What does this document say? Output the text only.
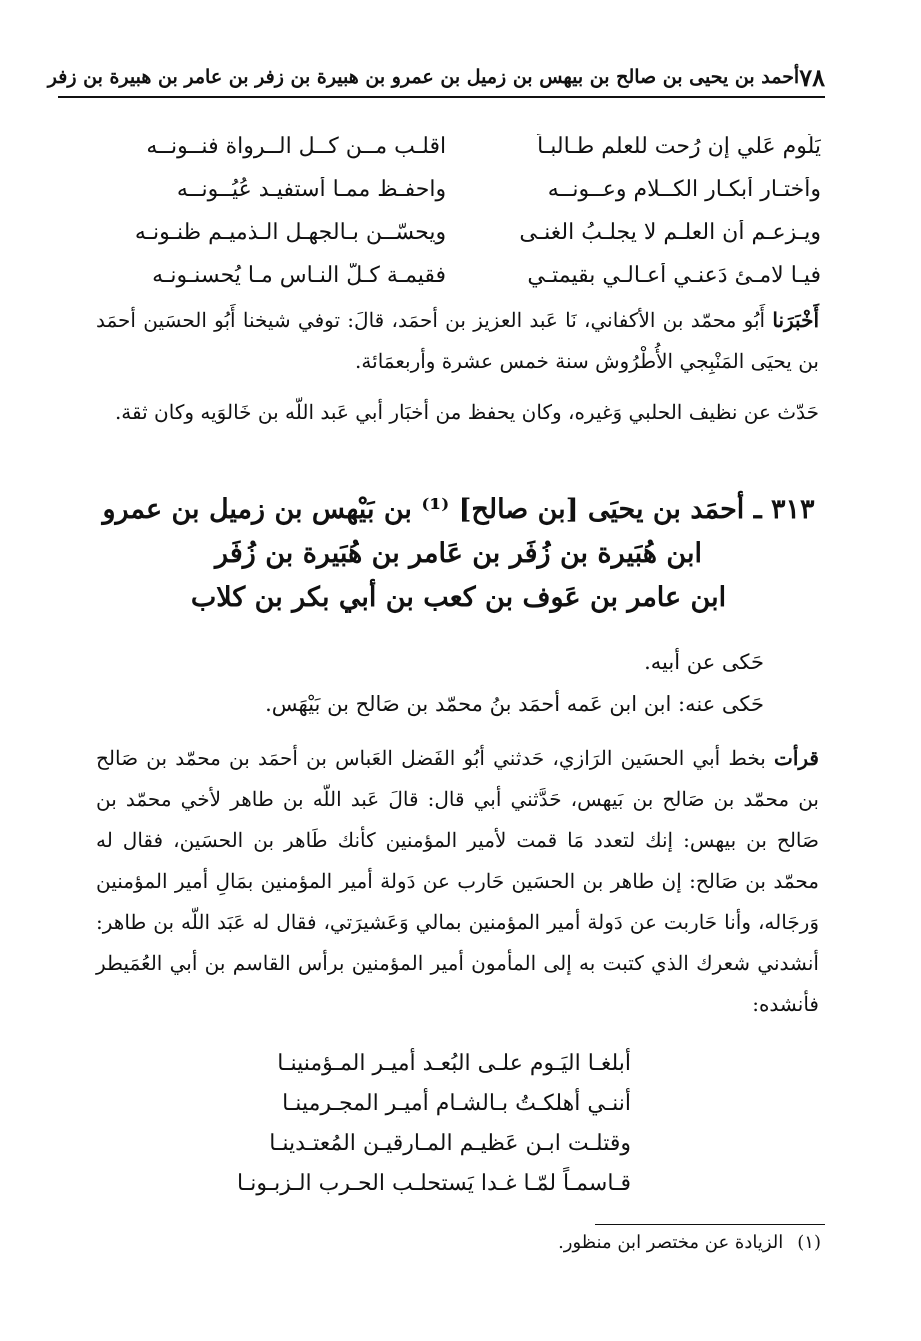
٧٨
أحمد بن يحيى بن صالح بن بيهس بن زميل بن عمرو بن هبيرة بن زفر بن عامر بن هبيرة بن زفر
يَلُوم عَلي إن رُحت للعلم طـالبـاً
اقلـب مــن كــل الــرواة فنــونــه
وأختـار أبكـار الكــلام وعــونــه
واحفـظ ممـا أستفيـد عُيُــونــه
ويـزعـم أن العلـم لا يجلـبُ الغنـى
ويحسّــن بـالجهـل الـذميـم ظنـونـه
فيـا لامـئ دَعنـي أُعـالـي بقيمتـي
فقيمـة كـلّ النـاس مـا يُحسنـونـه

أَخْبَرَنا أَبُو محمّد بن الأكفاني، نَا عَبد العزيز بن أحمَد، قالَ: توفي شيخنا أَبُو الحسَين أحمَد بن يحيَى المَنْبِجي الأُطْرُوش سنة خمس عشرة وأربعمَائة.

حَدّث عن نظيف الحلبي وَغيره، وكان يحفظ من أخبَار أبي عَبد اللّه بن خَالوَيه وكان ثقة.

٣١٣ ـ أحمَد بن يحيَى [بن صالح] ⁽¹⁾ بن بَيْهس بن زميل بن عمرو
ابن هُبَيرة بن زُفَر بن عَامر بن هُبَيرة بن زُفَر
ابن عامر بن عَوف بن كعب بن أبي بكر بن كلاب
حَكى عن أبيه.
حَكى عنه: ابن ابن عَمه أحمَد بنُ محمّد بن صَالح بن بَيْهَس.

قرأت بخط أبي الحسَين الرَازي، حَدثني أبُو الفَضل العَباس بن أحمَد بن محمّد بن صَالح بن محمّد بن صَالح بن بَيهس، حَدَّثني أبي قال: قالَ عَبد اللّه بن طاهر لأخي محمّد بن صَالح بن بيهس: إنك لتعدد مَا قمت لأمير المؤمنين كأنك طَاهر بن الحسَين، فقال له محمّد بن صَالح: إن طاهر بن الحسَين حَارب عن دَولة أمير المؤمنين بمَالِ أمير المؤمنين وَرجَاله، وأنا حَاربت عن دَولة أمير المؤمنين بمالي وَعَشيرَتي، فقال له عَبَد اللّه بن طاهر: أنشدني شعرك الذي كتبت به إلى المأمون أمير المؤمنين برأس القاسم بن أبي العُمَيطر فأنشده:

أبلغـا اليَـوم علـى البُعـد أميـر المـؤمنينـا
أننـي أهلكـتُ بـالشـام أميـر المجـرمينـا
وقتلـت ابـن عَظيـم المـارقيـن المُعتـدينـا
قـاسمـاً لمّـا غـدا يَستحلـب الحـرب الـزبـونـا
(١)الزيادة عن مختصر ابن منظور.
